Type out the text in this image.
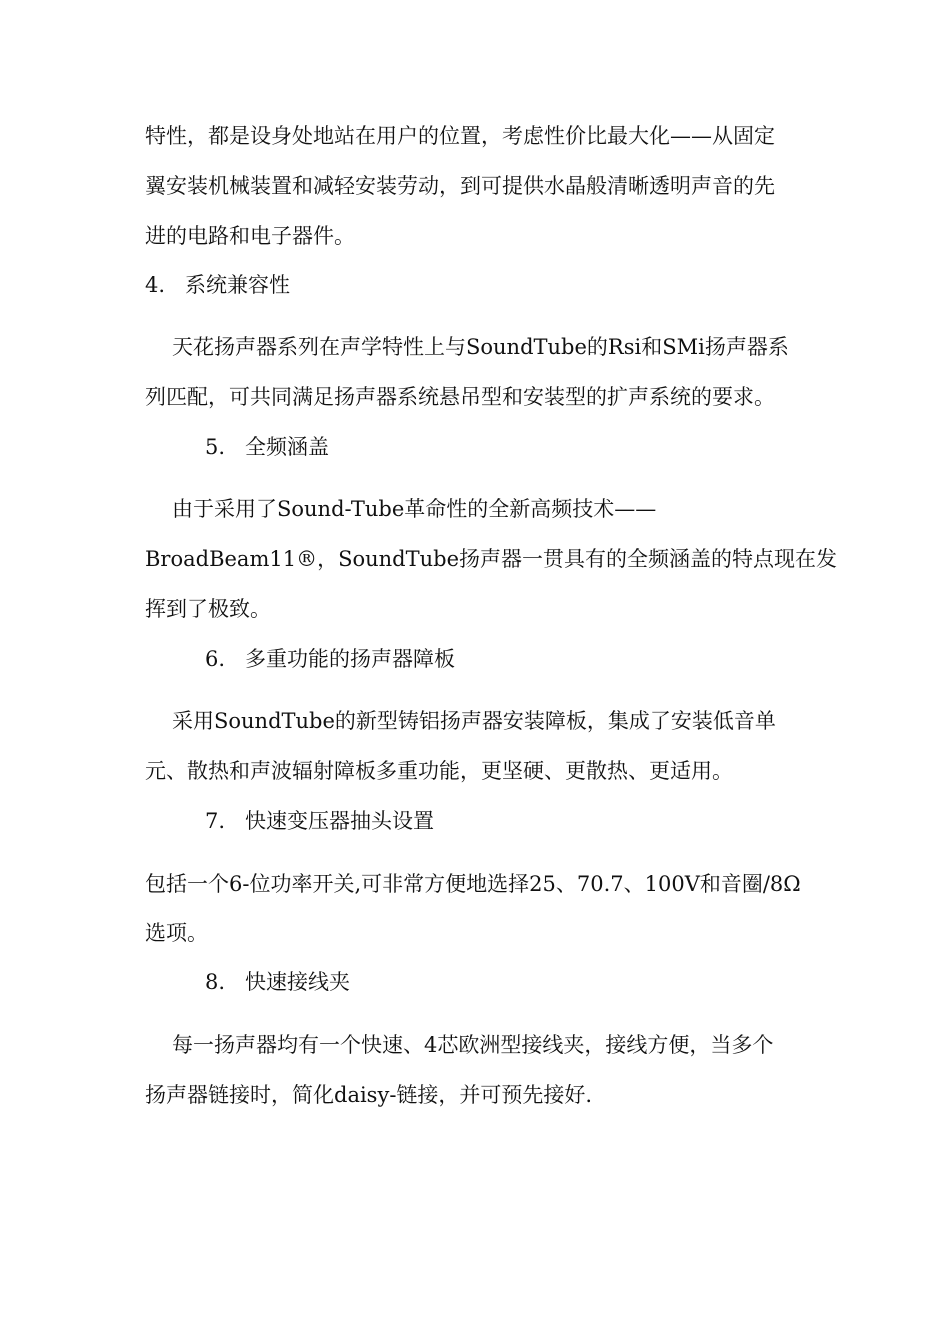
特性，都是设身处地站在用户的位置，考虑性价比最大化——从固定
翼安装机械装置和减轻安装劳动，到可提供水晶般清晰透明声音的先
进的电路和电子器件。
4. 系统兼容性
天花扬声器系列在声学特性上与SoundTube的Rsi和SMi扬声器系
列匹配，可共同满足扬声器系统悬吊型和安装型的扩声系统的要求。
5. 全频涵盖
由于采用了Sound-Tube革命性的全新高频技术——
BroadBeam11®，SoundTube扬声器一贯具有的全频涵盖的特点现在发
挥到了极致。
6. 多重功能的扬声器障板
采用SoundTube的新型铸铝扬声器安装障板，集成了安装低音单
元、散热和声波辐射障板多重功能，更坚硬、更散热、更适用。
7. 快速变压器抽头设置
包括一个6-位功率开关,可非常方便地选择25、70.7、100V和音圈/8Ω
选项。
8. 快速接线夹
每一扬声器均有一个快速、4芯欧洲型接线夹，接线方便，当多个
扬声器链接时，简化daisy-链接，并可预先接好.
